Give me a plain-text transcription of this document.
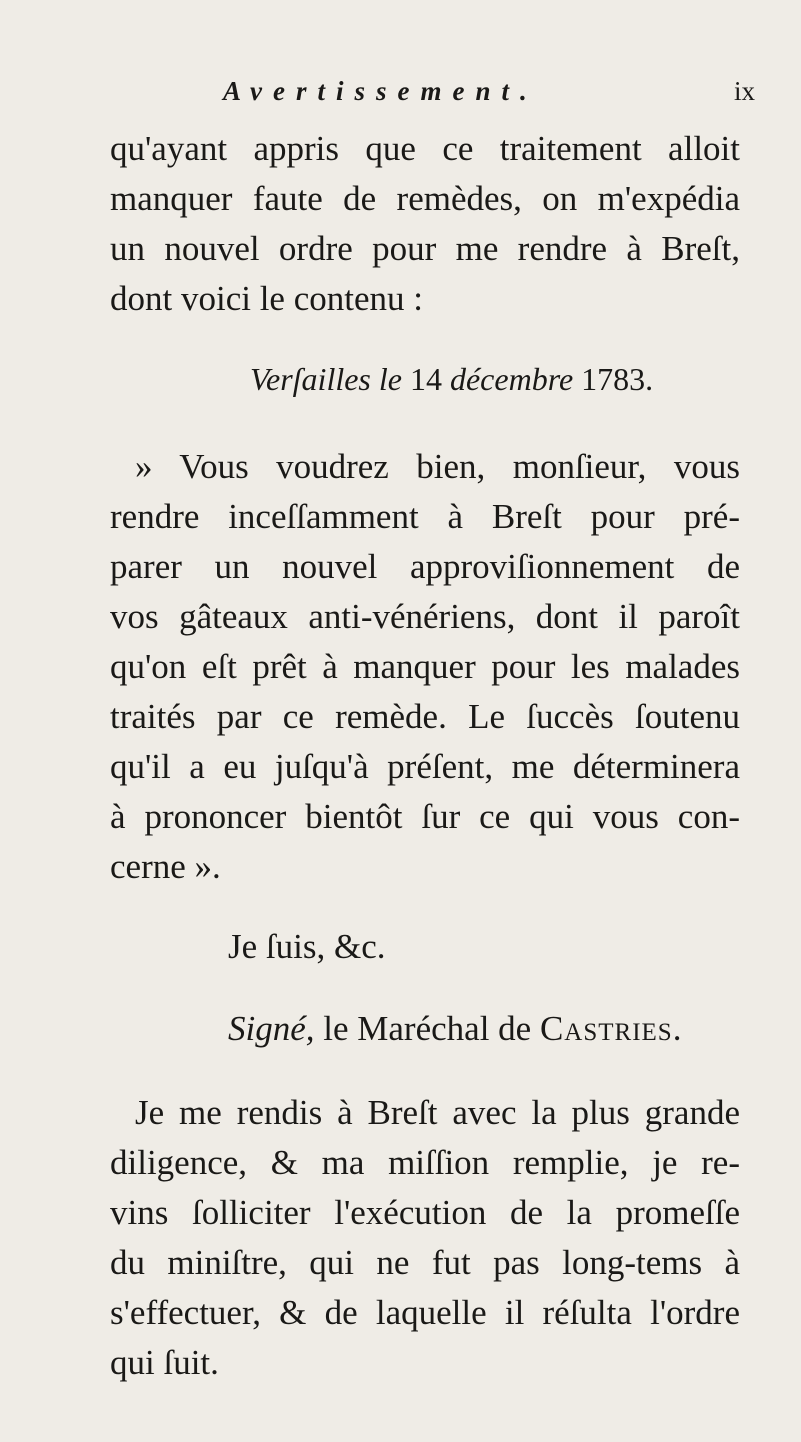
Avertissement.	ix
qu'ayant appris que ce traitement alloit
manquer faute de remèdes, on m'expédia
un nouvel ordre pour me rendre à Breſt,
dont voici le contenu :
Verſailles le 14 décembre 1783.
» Vous voudrez bien, monſieur, vous
rendre inceſſamment à Breſt pour pré-
parer un nouvel approviſionnement de
vos gâteaux anti-vénériens, dont il paroît
qu'on eſt prêt à manquer pour les malades
traités par ce remède. Le ſuccès ſoutenu
qu'il a eu juſqu'à préſent, me déterminera
à prononcer bientôt ſur ce qui vous con-
cerne ».
Je ſuis, &c.
Signé, le Maréchal de Castries.
Je me rendis à Breſt avec la plus grande
diligence, & ma miſſion remplie, je re-
vins ſolliciter l'exécution de la promeſſe
du miniſtre, qui ne fut pas long-tems à
s'effectuer, & de laquelle il réſulta l'ordre
qui ſuit.
